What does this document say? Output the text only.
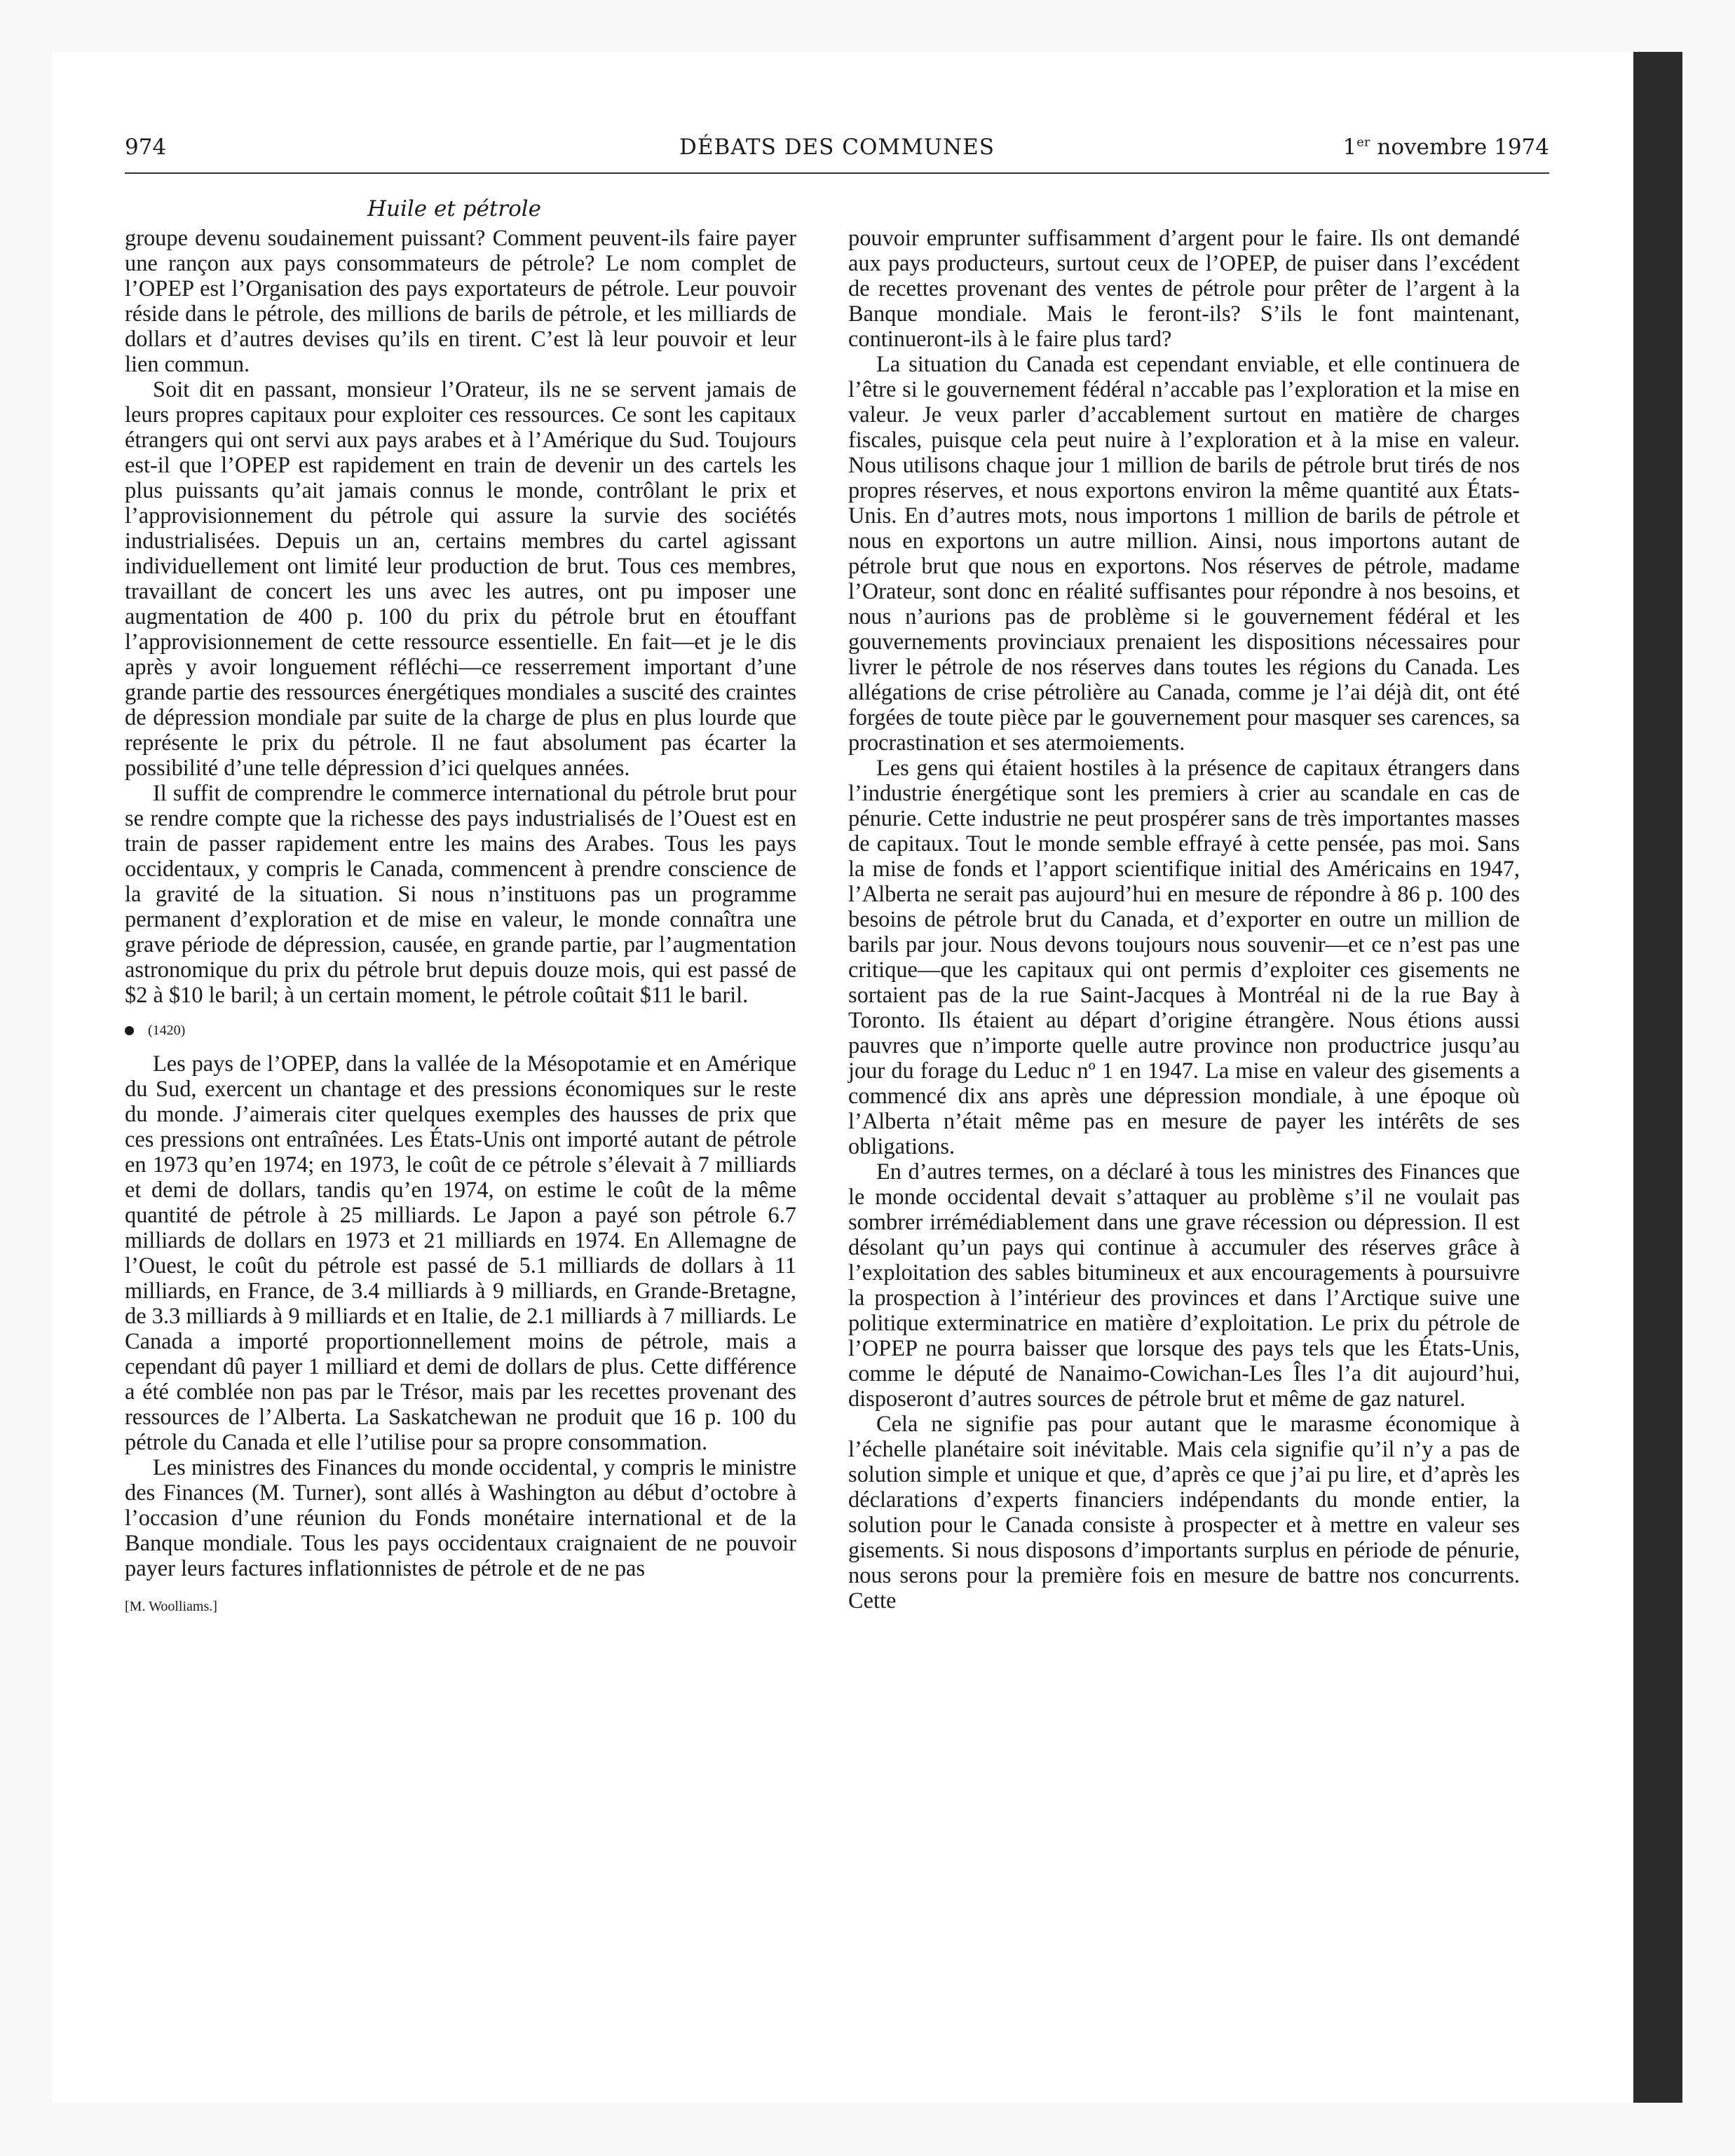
974	DÉBATS DES COMMUNES	1er novembre 1974
Huile et pétrole

groupe devenu soudainement puissant? Comment peuvent-ils faire payer une rançon aux pays consommateurs de pétrole? Le nom complet de l’OPEP est l’Organisation des pays exportateurs de pétrole. Leur pouvoir réside dans le pétrole, des millions de barils de pétrole, et les milliards de dollars et d’autres devises qu’ils en tirent. C’est là leur pouvoir et leur lien commun.

Soit dit en passant, monsieur l’Orateur, ils ne se servent jamais de leurs propres capitaux pour exploiter ces ressources. Ce sont les capitaux étrangers qui ont servi aux pays arabes et à l’Amérique du Sud. Toujours est-il que l’OPEP est rapidement en train de devenir un des cartels les plus puissants qu’ait jamais connus le monde, contrôlant le prix et l’approvisionnement du pétrole qui assure la survie des sociétés industrialisées. Depuis un an, certains membres du cartel agissant individuellement ont limité leur production de brut. Tous ces membres, travaillant de concert les uns avec les autres, ont pu imposer une augmentation de 400 p. 100 du prix du pétrole brut en étouffant l’approvisionnement de cette ressource essentielle. En fait—et je le dis après y avoir longuement réfléchi—ce resserrement important d’une grande partie des ressources énergétiques mondiales a suscité des craintes de dépression mondiale par suite de la charge de plus en plus lourde que représente le prix du pétrole. Il ne faut absolument pas écarter la possibilité d’une telle dépression d’ici quelques années.

Il suffit de comprendre le commerce international du pétrole brut pour se rendre compte que la richesse des pays industrialisés de l’Ouest est en train de passer rapidement entre les mains des Arabes. Tous les pays occidentaux, y compris le Canada, commencent à prendre conscience de la gravité de la situation. Si nous n’instituons pas un programme permanent d’exploration et de mise en valeur, le monde connaîtra une grave période de dépression, causée, en grande partie, par l’augmentation astronomique du prix du pétrole brut depuis douze mois, qui est passé de $2 à $10 le baril; à un certain moment, le pétrole coûtait $11 le baril.

(1420)

Les pays de l’OPEP, dans la vallée de la Mésopotamie et en Amérique du Sud, exercent un chantage et des pressions économiques sur le reste du monde. J’aimerais citer quelques exemples des hausses de prix que ces pressions ont entraînées. Les États-Unis ont importé autant de pétrole en 1973 qu’en 1974; en 1973, le coût de ce pétrole s’élevait à 7 milliards et demi de dollars, tandis qu’en 1974, on estime le coût de la même quantité de pétrole à 25 milliards. Le Japon a payé son pétrole 6.7 milliards de dollars en 1973 et 21 milliards en 1974. En Allemagne de l’Ouest, le coût du pétrole est passé de 5.1 milliards de dollars à 11 milliards, en France, de 3.4 milliards à 9 milliards, en Grande-Bretagne, de 3.3 milliards à 9 milliards et en Italie, de 2.1 milliards à 7 milliards. Le Canada a importé proportionnellement moins de pétrole, mais a cependant dû payer 1 milliard et demi de dollars de plus. Cette différence a été comblée non pas par le Trésor, mais par les recettes provenant des ressources de l’Alberta. La Saskatchewan ne produit que 16 p. 100 du pétrole du Canada et elle l’utilise pour sa propre consommation.

Les ministres des Finances du monde occidental, y compris le ministre des Finances (M. Turner), sont allés à Washington au début d’octobre à l’occasion d’une réunion du Fonds monétaire international et de la Banque mondiale. Tous les pays occidentaux craignaient de ne pouvoir payer leurs factures inflationnistes de pétrole et de ne pas

[M. Woolliams.]

pouvoir emprunter suffisamment d’argent pour le faire. Ils ont demandé aux pays producteurs, surtout ceux de l’OPEP, de puiser dans l’excédent de recettes provenant des ventes de pétrole pour prêter de l’argent à la Banque mondiale. Mais le feront-ils? S’ils le font maintenant, continueront-ils à le faire plus tard?

La situation du Canada est cependant enviable, et elle continuera de l’être si le gouvernement fédéral n’accable pas l’exploration et la mise en valeur. Je veux parler d’accablement surtout en matière de charges fiscales, puisque cela peut nuire à l’exploration et à la mise en valeur. Nous utilisons chaque jour 1 million de barils de pétrole brut tirés de nos propres réserves, et nous exportons environ la même quantité aux États-Unis. En d’autres mots, nous importons 1 million de barils de pétrole et nous en exportons un autre million. Ainsi, nous importons autant de pétrole brut que nous en exportons. Nos réserves de pétrole, madame l’Orateur, sont donc en réalité suffisantes pour répondre à nos besoins, et nous n’aurions pas de problème si le gouvernement fédéral et les gouvernements provinciaux prenaient les dispositions nécessaires pour livrer le pétrole de nos réserves dans toutes les régions du Canada. Les allégations de crise pétrolière au Canada, comme je l’ai déjà dit, ont été forgées de toute pièce par le gouvernement pour masquer ses carences, sa procrastination et ses atermoiements.

Les gens qui étaient hostiles à la présence de capitaux étrangers dans l’industrie énergétique sont les premiers à crier au scandale en cas de pénurie. Cette industrie ne peut prospérer sans de très importantes masses de capitaux. Tout le monde semble effrayé à cette pensée, pas moi. Sans la mise de fonds et l’apport scientifique initial des Américains en 1947, l’Alberta ne serait pas aujourd’hui en mesure de répondre à 86 p. 100 des besoins de pétrole brut du Canada, et d’exporter en outre un million de barils par jour. Nous devons toujours nous souvenir—et ce n’est pas une critique—que les capitaux qui ont permis d’exploiter ces gisements ne sortaient pas de la rue Saint-Jacques à Montréal ni de la rue Bay à Toronto. Ils étaient au départ d’origine étrangère. Nous étions aussi pauvres que n’importe quelle autre province non productrice jusqu’au jour du forage du Leduc nº 1 en 1947. La mise en valeur des gisements a commencé dix ans après une dépression mondiale, à une époque où l’Alberta n’était même pas en mesure de payer les intérêts de ses obligations.

En d’autres termes, on a déclaré à tous les ministres des Finances que le monde occidental devait s’attaquer au problème s’il ne voulait pas sombrer irrémédiablement dans une grave récession ou dépression. Il est désolant qu’un pays qui continue à accumuler des réserves grâce à l’exploitation des sables bitumineux et aux encouragements à poursuivre la prospection à l’intérieur des provinces et dans l’Arctique suive une politique exterminatrice en matière d’exploitation. Le prix du pétrole de l’OPEP ne pourra baisser que lorsque des pays tels que les États-Unis, comme le député de Nanaimo-Cowichan-Les Îles l’a dit aujourd’hui, disposeront d’autres sources de pétrole brut et même de gaz naturel.

Cela ne signifie pas pour autant que le marasme économique à l’échelle planétaire soit inévitable. Mais cela signifie qu’il n’y a pas de solution simple et unique et que, d’après ce que j’ai pu lire, et d’après les déclarations d’experts financiers indépendants du monde entier, la solution pour le Canada consiste à prospecter et à mettre en valeur ses gisements. Si nous disposons d’importants surplus en période de pénurie, nous serons pour la première fois en mesure de battre nos concurrents. Cette
